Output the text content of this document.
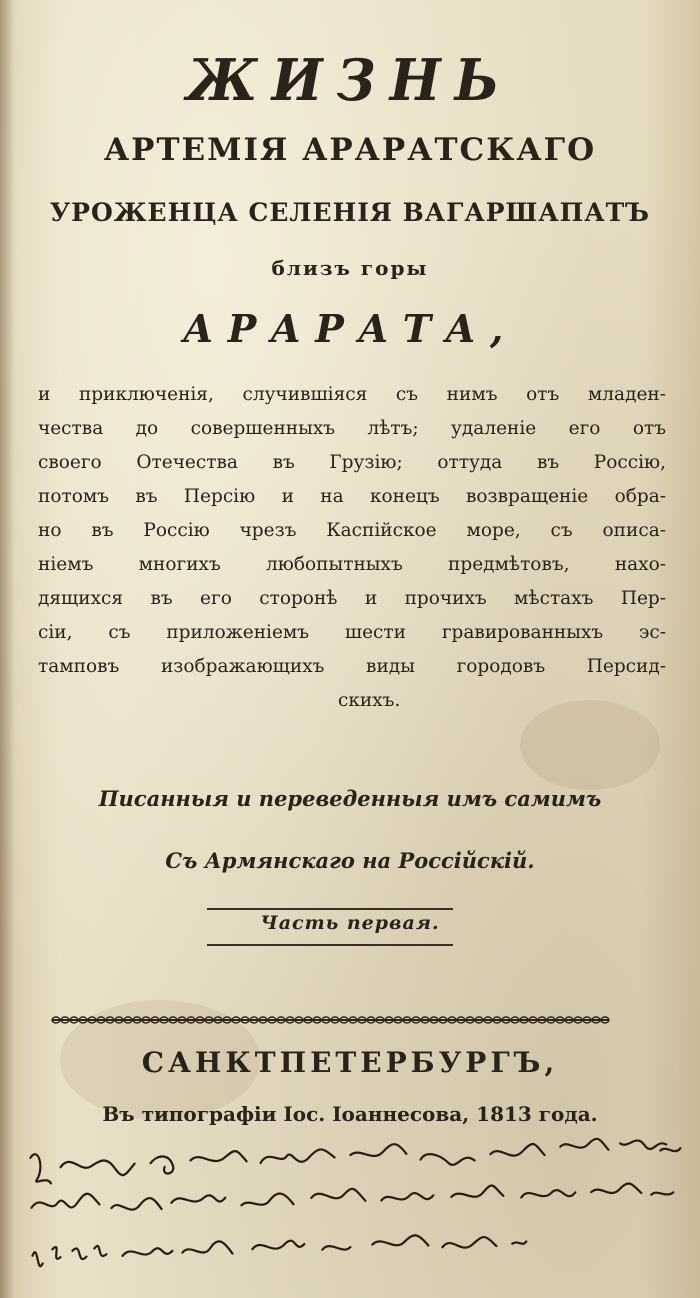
ЖИЗНЬ
АРТЕМІЯ АРАРАТСКАГО
УРОЖЕНЦА СЕЛЕНІЯ ВАГАРШАПАТЪ
близъ горы
АРАРАТА,
и приключенія, случившіяся съ нимъ отъ младен-
чества до совершенныхъ лѣтъ; удаленіе его отъ
своего Отечества въ Грузію; оттуда въ Россію,
потомъ въ Персію и на конецъ возвращеніе обра-
но въ Россію чрезъ Каспійское море, съ описа-
ніемъ многихъ любопытныхъ предмѣтовъ, нахо-
дящихся въ его сторонѣ и прочихъ мѣстахъ Пер-
сіи, съ приложеніемъ шести гравированныхъ эс-
тамповъ изображающихъ виды городовъ Персид-
скихъ.
Писанныя и переведенныя имъ самимъ
Съ Армянскаго на Россійскій.
Часть первая.
САНКТПЕТЕРБУРГЪ,
Въ типографіи Іос. Іоаннесова, 1813 года.
